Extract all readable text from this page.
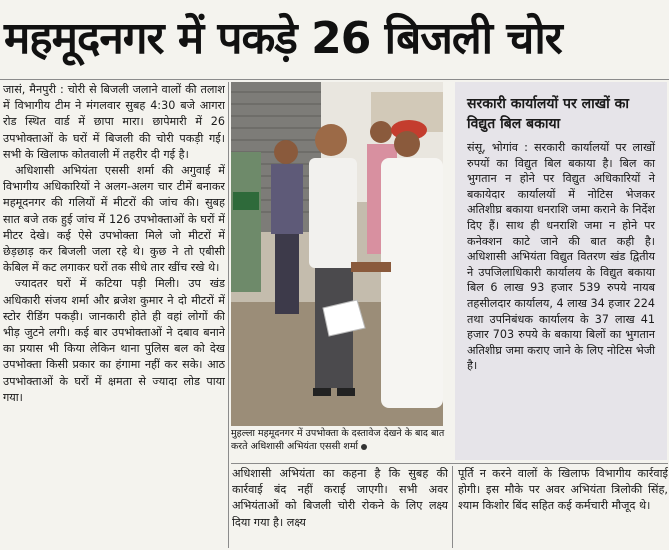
महमूदनगर में पकड़े 26 बिजली चोर

जासं, मैनपुरी : चोरी से बिजली जलाने वालों की तलाश में विभागीय टीम ने मंगलवार सुबह 4:30 बजे आगरा रोड स्थित वार्ड में छापा मारा। छापेमारी में 26 उपभोक्ताओं के घरों में बिजली की चोरी पकड़ी गई। सभी के खिलाफ कोतवाली में तहरीर दी गई है।

अधिशासी अभियंता एससी शर्मा की अगुवाई में विभागीय अधिकारियों ने अलग-अलग चार टीमें बनाकर महमूदनगर की गलियों में मीटरों की जांच की। सुबह सात बजे तक हुई जांच में 126 उपभोक्ताओं के घरों में मीटर देखे। कई ऐसे उपभोक्ता मिले जो मीटरों में छेड़छाड़ कर बिजली जला रहे थे। कुछ ने तो एबीसी केबिल में कट लगाकर घरों तक सीधे तार खींच रखे थे।

ज्यादतर घरों में कटिया पड़ी मिली। उप खंड अधिकारी संजय शर्मा और ब्रजेश कुमार ने दो मीटरों में स्टोर रीडिंग पकड़ी। जानकारी होते ही वहां लोगों की भीड़ जुटने लगी। कई बार उपभोक्ताओं ने दबाव बनाने का प्रयास भी किया लेकिन थाना पुलिस बल को देख उपभोक्ता किसी प्रकार का हंगामा नहीं कर सके। आठ उपभोक्ताओं के घरों में क्षमता से ज्यादा लोड पाया गया।

मुहल्ला महमूदनगर में उपभोक्ता के दस्तावेज देखने के बाद बात करते अधिशासी अभियंता एससी शर्मा
सरकारी कार्यालयों पर लाखों का विद्युत बिल बकाया
संसू, भोगांव : सरकारी कार्यालयों पर लाखों रुपयों का विद्युत बिल बकाया है। बिल का भुगतान न होने पर विद्युत अधिकारियों ने बकायेदार कार्यालयों में नोटिस भेजकर अतिशीघ्र बकाया धनराशि जमा कराने के निर्देश दिए हैं। साथ ही धनराशि जमा न होने पर कनेक्शन काटे जाने की बात कही है। अधिशासी अभियंता विद्युत वितरण खंड द्वितीय ने उपजिलाधिकारी कार्यालय के विद्युत बकाया बिल 6 लाख 93 हजार 539 रुपये नायब तहसीलदार कार्यालय, 4 लाख 34 हजार 224 तथा उपनिबंधक कार्यालय के 37 लाख 41 हजार 703 रुपये के बकाया बिलों का भुगतान अतिशीघ्र जमा कराए जाने के लिए नोटिस भेजी है।

अधिशासी अभियंता का कहना है कि सुबह की कार्रवाई बंद नहीं कराई जाएगी। सभी अवर अभियंताओं को बिजली चोरी रोकने के लिए लक्ष्य दिया गया है। लक्ष्य

पूर्ति न करने वालों के खिलाफ विभागीय कार्रवाई होगी। इस मौके पर अवर अभियंता त्रिलोकी सिंह, श्याम किशोर बिंद सहित कई कर्मचारी मौजूद थे।
